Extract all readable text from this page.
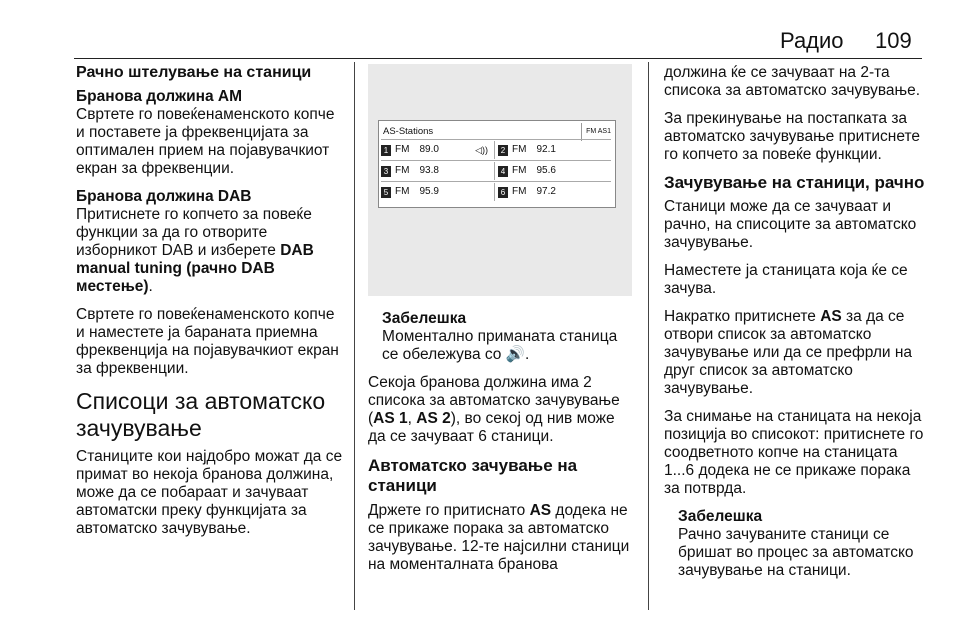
Радио 109
Рачно штелување на станици
Бранова должина AM

Свртете го повеќенаменското копче и поставете ја фреквенцијата за оптимален прием на појавувачкиот екран за фреквенции.

Бранова должина DAB

Притиснете го копчето за повеќе функции за да го отворите изборникот DAB и изберете DAB manual tuning (рачно DAB местење).

Свртете го повеќенаменското копче и наместете ја бараната приемна фреквенција на појавувачкиот екран за фреквенции.

Списоци за автоматско зачувување

Станиците кои најдобро можат да се примат во некоја бранова должина, може да се побараат и зачуваат автоматски преку функцијата за автоматско зачувување.

AS-Stations	FM AS1
1 FM 89.0	◁))	2 FM 92.1
3 FM 93.8	4 FM 95.6
5 FM 95.9	6 FM 97.2
Забелешка

Моменталнo примaната станица се обележува со 🔊.

Секоја бранова должина има 2 списока за автоматско зачувување (AS 1, AS 2), во секој од нив може да се зачуваат 6 станици.

Автоматско зачување на станици

Држете го притиснато AS додека не се прикаже порака за автоматско зачувување. 12-те најсилни станици на моменталната бранова

должина ќе се зачуваат на 2-та списока за автоматско зачувување.

За прекинување на постапката за автоматско зачувување притиснете го копчето за повеќе функции.

Зачувување на станици, рачно

Станици може да се зачуваат и рачно, на списоците за автоматско зачувување.

Наместете ја станицата која ќе се зачува.

Накратко притиснете AS за да се отвори список за автоматско зачувување или да се префрли на друг список за автоматско зачувување.

За снимање на станицата на некоја позиција во списокот: притиснете го соодветното копче на станицата 1...6 додека не се прикаже порака за потврда.

Забелешка

Рачно зачуваните станици се бришат во процес за автоматско зачувување на станици.
